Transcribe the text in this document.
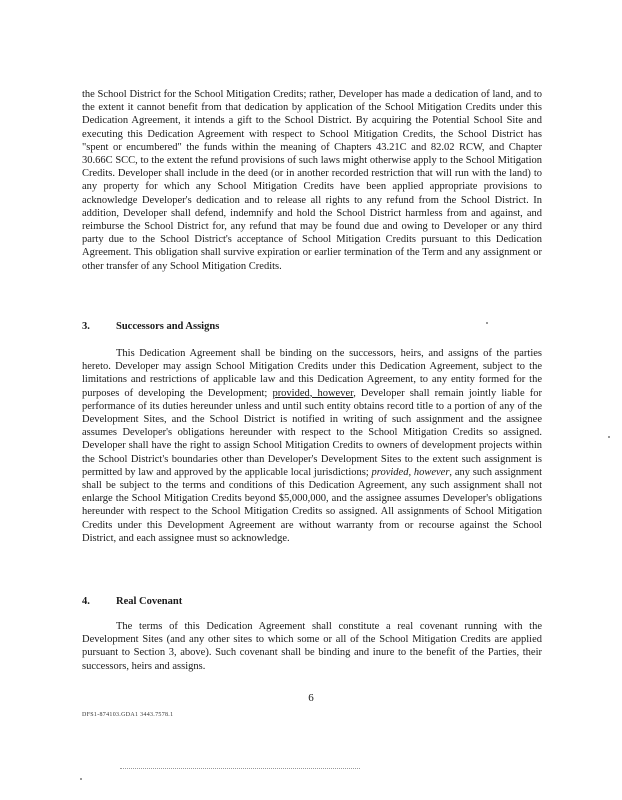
the School District for the School Mitigation Credits; rather, Developer has made a dedication of land, and to the extent it cannot benefit from that dedication by application of the School Mitigation Credits under this Dedication Agreement, it intends a gift to the School District. By acquiring the Potential School Site and executing this Dedication Agreement with respect to School Mitigation Credits, the School District has "spent or encumbered" the funds within the meaning of Chapters 43.21C and 82.02 RCW, and Chapter 30.66C SCC, to the extent the refund provisions of such laws might otherwise apply to the School Mitigation Credits. Developer shall include in the deed (or in another recorded restriction that will run with the land) to any property for which any School Mitigation Credits have been applied appropriate provisions to acknowledge Developer's dedication and to release all rights to any refund from the School District. In addition, Developer shall defend, indemnify and hold the School District harmless from and against, and reimburse the School District for, any refund that may be found due and owing to Developer or any third party due to the School District's acceptance of School Mitigation Credits pursuant to this Dedication Agreement. This obligation shall survive expiration or earlier termination of the Term and any assignment or other transfer of any School Mitigation Credits.
3.	Successors and Assigns
This Dedication Agreement shall be binding on the successors, heirs, and assigns of the parties hereto. Developer may assign School Mitigation Credits under this Dedication Agreement, subject to the limitations and restrictions of applicable law and this Dedication Agreement, to any entity formed for the purposes of developing the Development; provided, however, Developer shall remain jointly liable for performance of its duties hereunder unless and until such entity obtains record title to a portion of any of the Development Sites, and the School District is notified in writing of such assignment and the assignee assumes Developer's obligations hereunder with respect to the School Mitigation Credits so assigned. Developer shall have the right to assign School Mitigation Credits to owners of development projects within the School District's boundaries other than Developer's Development Sites to the extent such assignment is permitted by law and approved by the applicable local jurisdictions; provided, however, any such assignment shall be subject to the terms and conditions of this Dedication Agreement, any such assignment shall not enlarge the School Mitigation Credits beyond $5,000,000, and the assignee assumes Developer's obligations hereunder with respect to the School Mitigation Credits so assigned. All assignments of School Mitigation Credits under this Development Agreement are without warranty from or recourse against the School District, and each assignee must so acknowledge.
4.	Real Covenant
The terms of this Dedication Agreement shall constitute a real covenant running with the Development Sites (and any other sites to which some or all of the School Mitigation Credits are applied pursuant to Section 3, above). Such covenant shall be binding and inure to the benefit of the Parties, their successors, heirs and assigns.
6
DFS1-874103.GDA1 3443.7578.1
